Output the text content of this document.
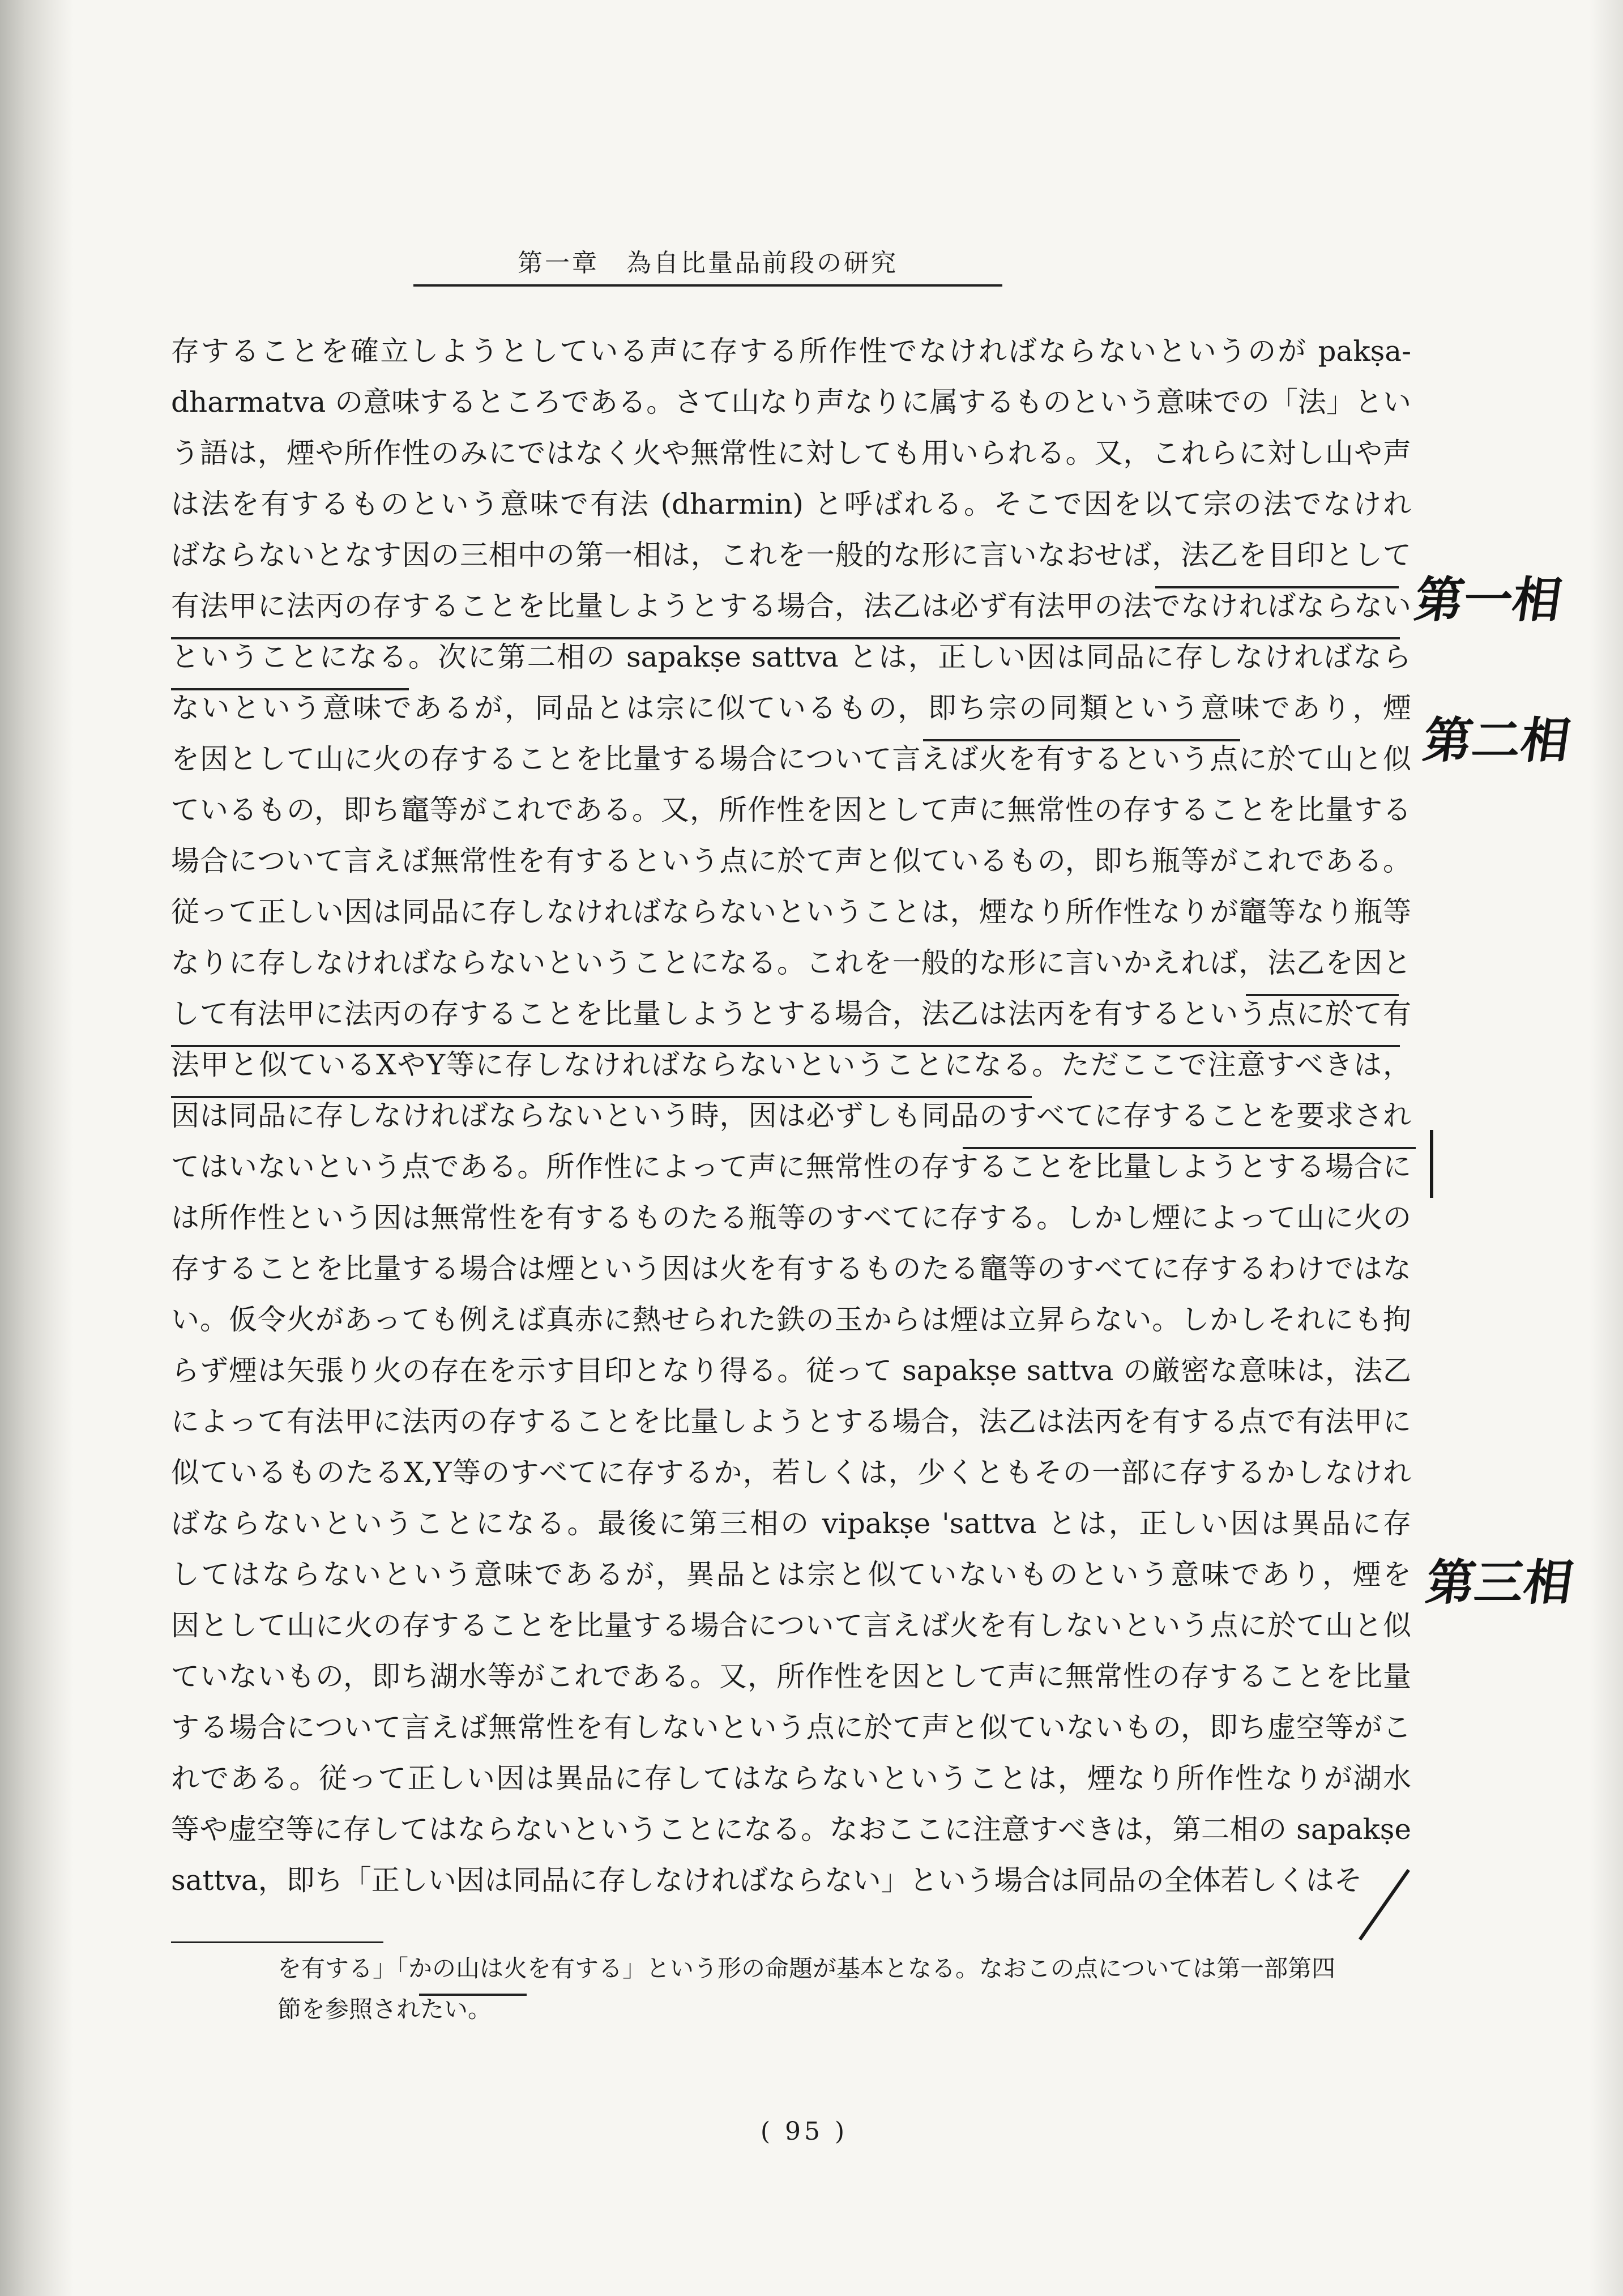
第一章　為自比量品前段の研究

存することを確立しようとしている声に存する所作性でなければならないというのが pakṣa-

dharmatva の意味するところである。さて山なり声なりに属するものという意味での「法」とい

う語は，煙や所作性のみにではなく火や無常性に対しても用いられる。又，これらに対し山や声

は法を有するものという意味で有法 (dharmin) と呼ばれる。そこで因を以て宗の法でなけれ

ばならないとなす因の三相中の第一相は，これを一般的な形に言いなおせば，法乙を目印として

有法甲に法丙の存することを比量しようとする場合，法乙は必ず有法甲の法でなければならない

ということになる。次に第二相の sapakṣe sattva とは，正しい因は同品に存しなければなら

ないという意味であるが，同品とは宗に似ているもの，即ち宗の同類という意味であり，煙

を因として山に火の存することを比量する場合について言えば火を有するという点に於て山と似

ているもの，即ち竈等がこれである。又，所作性を因として声に無常性の存することを比量する

場合について言えば無常性を有するという点に於て声と似ているもの，即ち瓶等がこれである。

従って正しい因は同品に存しなければならないということは，煙なり所作性なりが竈等なり瓶等

なりに存しなければならないということになる。これを一般的な形に言いかえれば，法乙を因と

して有法甲に法丙の存することを比量しようとする場合，法乙は法丙を有するという点に於て有

法甲と似ているXやY等に存しなければならないということになる。ただここで注意すべきは，

因は同品に存しなければならないという時，因は必ずしも同品のすべてに存することを要求され

てはいないという点である。所作性によって声に無常性の存することを比量しようとする場合に

は所作性という因は無常性を有するものたる瓶等のすべてに存する。しかし煙によって山に火の

存することを比量する場合は煙という因は火を有するものたる竈等のすべてに存するわけではな

い。仮令火があっても例えば真赤に熱せられた鉄の玉からは煙は立昇らない。しかしそれにも拘

らず煙は矢張り火の存在を示す目印となり得る。従って sapakṣe sattva の厳密な意味は，法乙

によって有法甲に法丙の存することを比量しようとする場合，法乙は法丙を有する点で有法甲に

似ているものたるX,Y等のすべてに存するか，若しくは，少くともその一部に存するかしなけれ

ばならないということになる。最後に第三相の vipakṣe 'sattva とは，正しい因は異品に存

してはならないという意味であるが，異品とは宗と似ていないものという意味であり，煙を

因として山に火の存することを比量する場合について言えば火を有しないという点に於て山と似

ていないもの，即ち湖水等がこれである。又，所作性を因として声に無常性の存することを比量

する場合について言えば無常性を有しないという点に於て声と似ていないもの，即ち虚空等がこ

れである。従って正しい因は異品に存してはならないということは，煙なり所作性なりが湖水

等や虚空等に存してはならないということになる。なおここに注意すべきは，第二相の sapakṣe

sattva，即ち「正しい因は同品に存しなければならない」という場合は同品の全体若しくはそ

第一相
第二相
第三相

を有する」「かの山は火を有する」という形の命題が基本となる。なおこの点については第一部第四

節を参照されたい。

( 95 )
